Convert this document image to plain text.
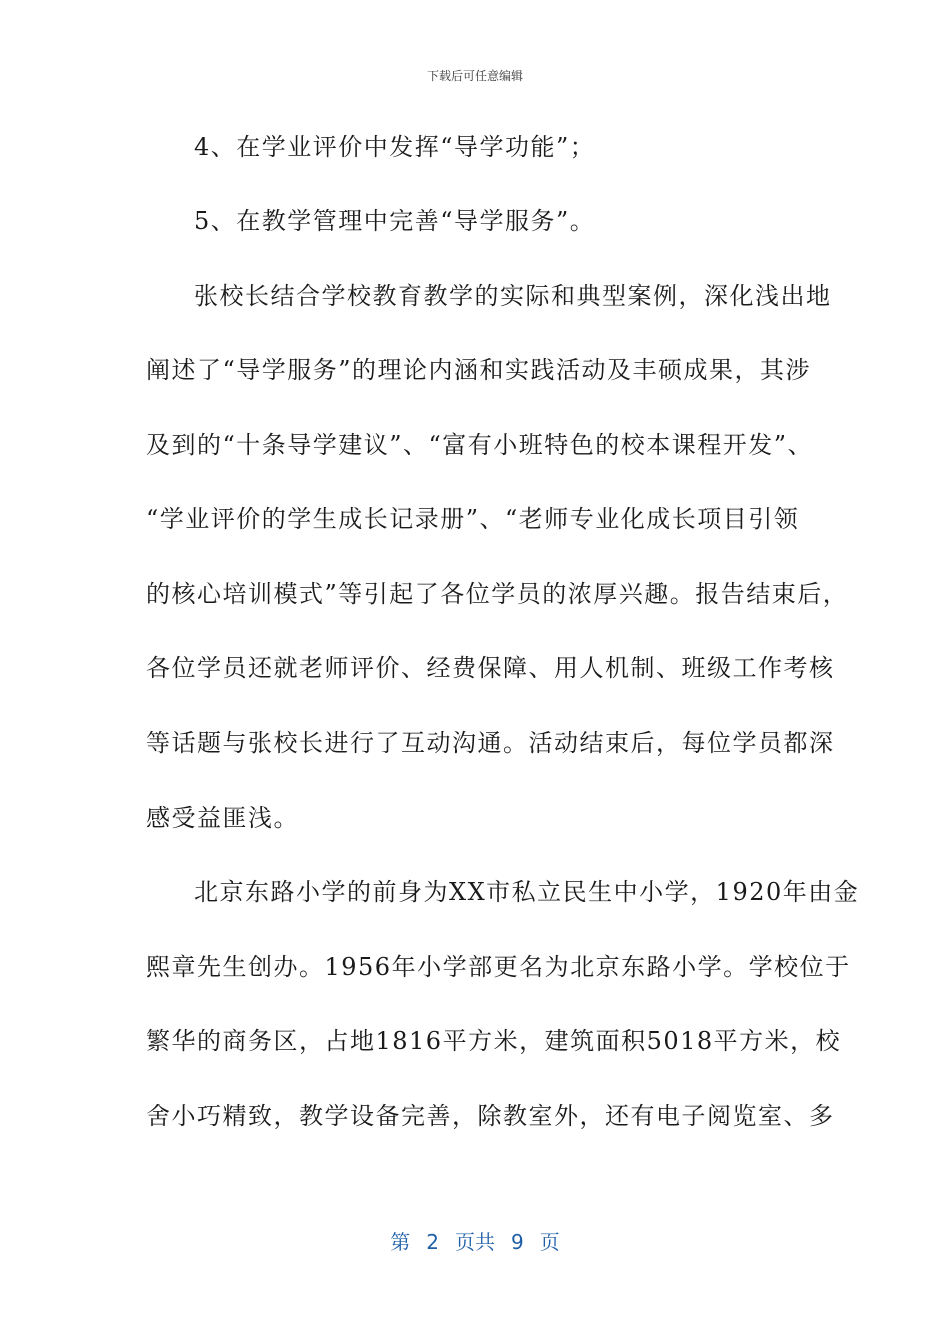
下载后可任意编辑
4、在学业评价中发挥“导学功能”；
5、在教学管理中完善“导学服务”。
张校长结合学校教育教学的实际和典型案例，深化浅出地
阐述了“导学服务”的理论内涵和实践活动及丰硕成果，其涉
及到的“十条导学建议”、“富有小班特色的校本课程开发”、
“学业评价的学生成长记录册”、“老师专业化成长项目引领
的核心培训模式”等引起了各位学员的浓厚兴趣。报告结束后，
各位学员还就老师评价、经费保障、用人机制、班级工作考核
等话题与张校长进行了互动沟通。活动结束后，每位学员都深
感受益匪浅。
北京东路小学的前身为XX市私立民生中小学，1920年由金
熙章先生创办。1956年小学部更名为北京东路小学。学校位于
繁华的商务区，占地1816平方米，建筑面积5018平方米，校
舍小巧精致，教学设备完善，除教室外，还有电子阅览室、多
第 2 页共 9 页
